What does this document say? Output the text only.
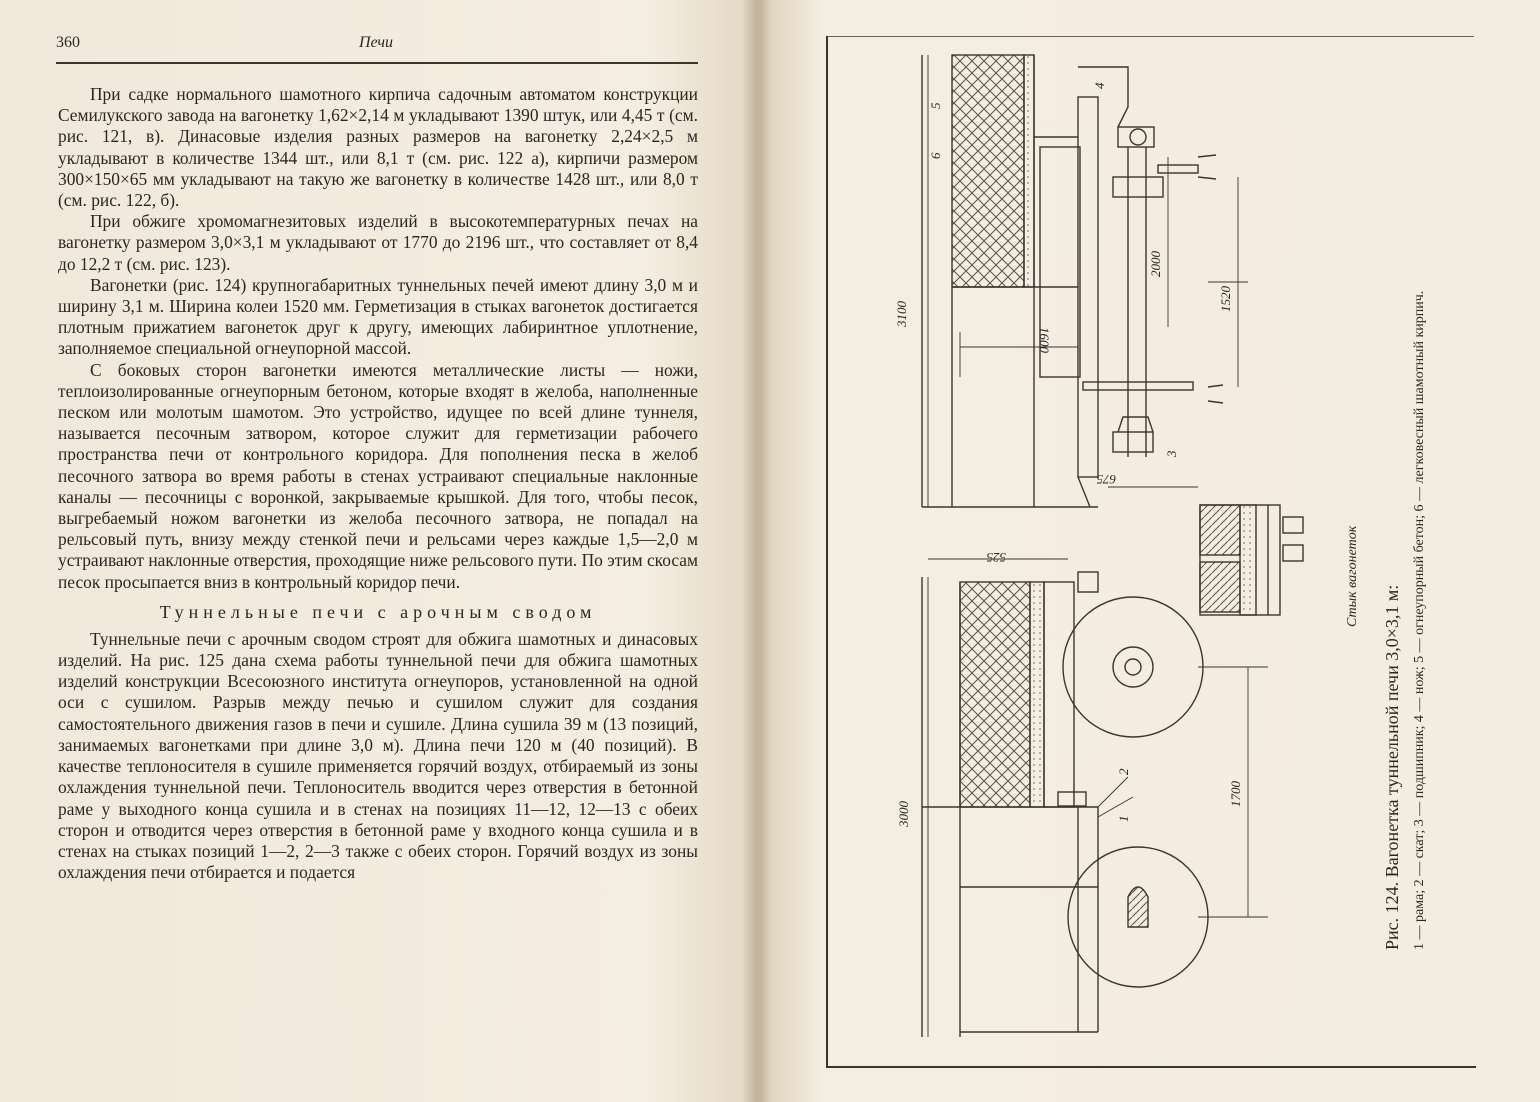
360	Печи

При садке нормального шамотного кирпича садочным автоматом конструкции Семилукского завода на вагонетку 1,62×2,14 м укладывают 1390 штук, или 4,45 т (см. рис. 121, в). Динасовые изделия разных размеров на вагонетку 2,24×2,5 м укладывают в количестве 1344 шт., или 8,1 т (см. рис. 122 а), кирпичи размером 300×150×65 мм укладывают на такую же вагонетку в количестве 1428 шт., или 8,0 т (см. рис. 122, б).

При обжиге хромомагнезитовых изделий в высокотемпературных печах на вагонетку размером 3,0×3,1 м укладывают от 1770 до 2196 шт., что составляет от 8,4 до 12,2 т (см. рис. 123).

Вагонетки (рис. 124) крупногабаритных туннельных печей имеют длину 3,0 м и ширину 3,1 м. Ширина колеи 1520 мм. Герметизация в стыках вагонеток достигается плотным прижатием вагонеток друг к другу, имеющих лабиринтное уплотнение, заполняемое специальной огнеупорной массой.

С боковых сторон вагонетки имеются металлические листы — ножи, теплоизолированные огнеупорным бетоном, которые входят в желоба, наполненные песком или молотым шамотом. Это устройство, идущее по всей длине туннеля, называется песочным затвором, которое служит для герметизации рабочего пространства печи от контрольного коридора. Для пополнения песка в желоб песочного затвора во время работы в стенах устраивают специальные наклонные каналы — песочницы с воронкой, закрываемые крышкой. Для того, чтобы песок, выгребаемый ножом вагонетки из желоба песочного затвора, не попадал на рельсовый путь, внизу между стенкой печи и рельсами через каждые 1,5—2,0 м устраивают наклонные отверстия, проходящие ниже рельсового пути. По этим скосам песок просыпается вниз в контрольный коридор печи.

Туннельные печи с арочным сводом

Туннельные печи с арочным сводом строят для обжига шамотных и динасовых изделий. На рис. 125 дана схема работы туннельной печи для обжига шамотных изделий конструкции Всесоюзного института огнеупоров, установленной на одной оси с сушилом. Разрыв между печью и сушилом служит для создания самостоятельного движения газов в печи и сушиле. Длина сушила 39 м (13 позиций, занимаемых вагонетками при длине 3,0 м). Длина печи 120 м (40 позиций). В качестве теплоносителя в сушиле применяется горячий воздух, отбираемый из зоны охлаждения туннельной печи. Теплоноситель вводится через отверстия в бетонной раме у выходного конца сушила и в стенах на позициях 11—12, 12—13 с обеих сторон и отводится через отверстия в бетонной раме у входного конца сушила и в стенах на стыках позиций 1—2, 2—3 также с обеих сторон. Горячий воздух из зоны охлаждения печи отбирается и подается

3100
2000
1600
1520
675
525
3000
1700
1
2
3
4
5
6
Стык вагонеток
Рис. 124. Вагонетка туннельной печи 3,0×3,1 м: 1 — рама; 2 — скат; 3 — подшипник; 4 — нож; 5 — огнеупорный бетон; 6 — легковесный шамотный кирпич.
